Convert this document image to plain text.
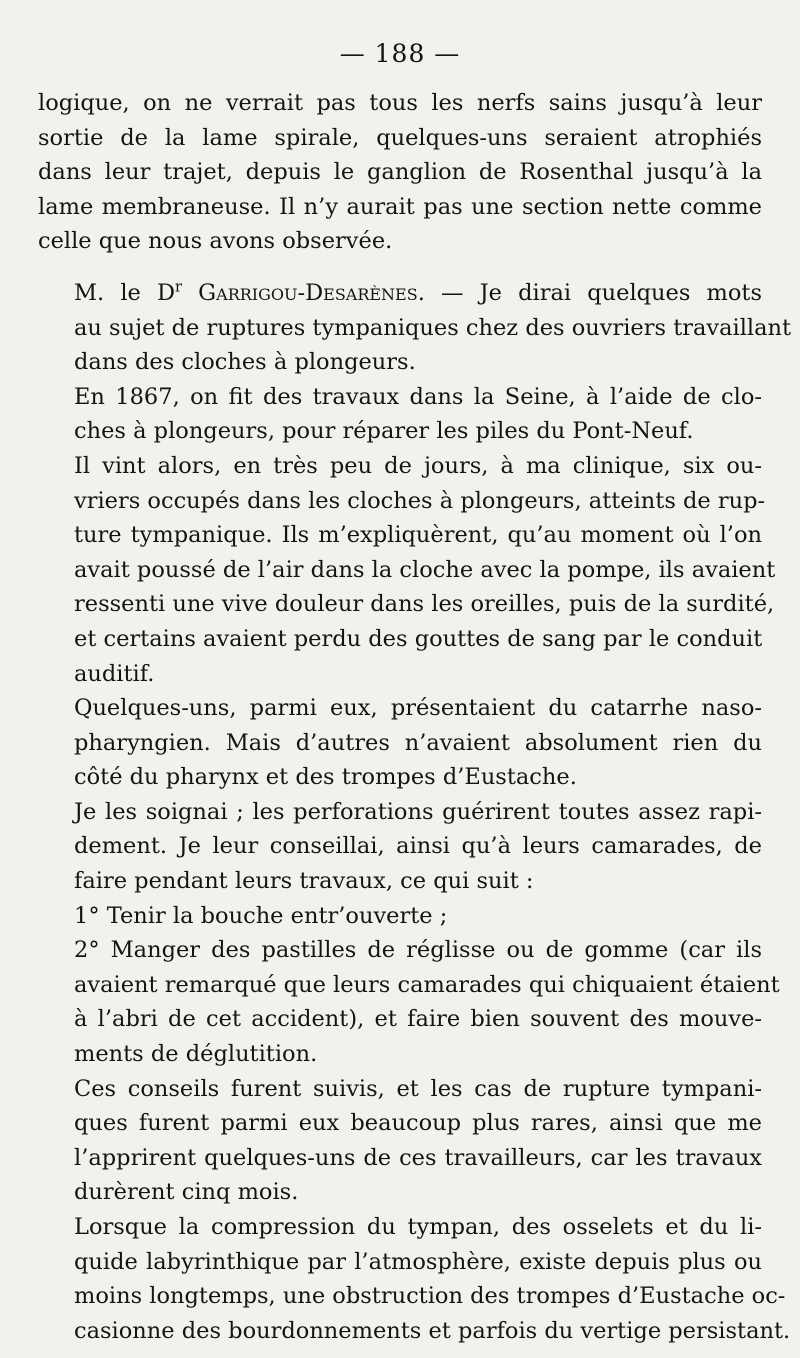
— 188 —

logique, on ne verrait pas tous les nerfs sains jusqu’à leur
sortie de la lame spirale, quelques-uns seraient atrophiés
dans leur trajet, depuis le ganglion de Rosenthal jusqu’à la
lame membraneuse. Il n’y aurait pas une section nette comme
celle que nous avons observée.

M. le $D^r$ Garrigou-Desarènes. — Je dirai quelques mots
au sujet de ruptures tympaniques chez des ouvriers travaillant
dans des cloches à plongeurs.

En 1867, on fit des travaux dans la Seine, à l’aide de clo-
ches à plongeurs, pour réparer les piles du Pont-Neuf.

Il vint alors, en très peu de jours, à ma clinique, six ou-
vriers occupés dans les cloches à plongeurs, atteints de rup-
ture tympanique. Ils m’expliquèrent, qu’au moment où l’on
avait poussé de l’air dans la cloche avec la pompe, ils avaient
ressenti une vive douleur dans les oreilles, puis de la surdité,
et certains avaient perdu des gouttes de sang par le conduit
auditif.

Quelques-uns, parmi eux, présentaient du catarrhe naso-
pharyngien. Mais d’autres n’avaient absolument rien du
côté du pharynx et des trompes d’Eustache.

Je les soignai ; les perforations guérirent toutes assez rapi-
dement. Je leur conseillai, ainsi qu’à leurs camarades, de
faire pendant leurs travaux, ce qui suit :

1° Tenir la bouche entr’ouverte ;

2° Manger des pastilles de réglisse ou de gomme (car ils
avaient remarqué que leurs camarades qui chiquaient étaient
à l’abri de cet accident), et faire bien souvent des mouve-
ments de déglutition.

Ces conseils furent suivis, et les cas de rupture tympani-
ques furent parmi eux beaucoup plus rares, ainsi que me
l’apprirent quelques-uns de ces travailleurs, car les travaux
durèrent cinq mois.

Lorsque la compression du tympan, des osselets et du li-
quide labyrinthique par l’atmosphère, existe depuis plus ou
moins longtemps, une obstruction des trompes d’Eustache oc-
casionne des bourdonnements et parfois du vertige persistant.
